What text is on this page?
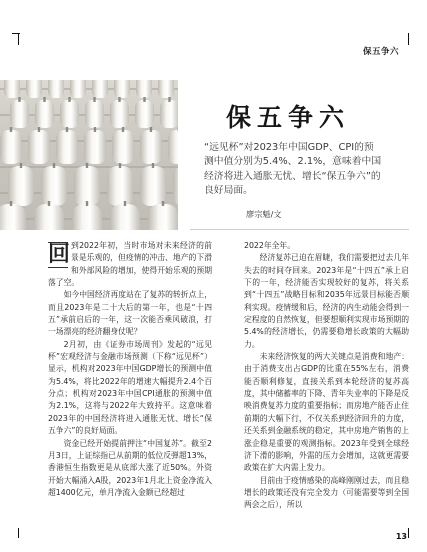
保五争六
保五争六
“远见杯”对2023年中国GDP、CPI的预测中值分别为5.4%、2.1%，意味着中国经济将进入通胀无忧、增长“保五争六”的良好局面。
廖宗魁/文

回 到2022年初，当时市场对未来经济的前景是乐观的，但疫情的冲击、地产的下滑和外部风险的增加，使得开始乐观的预期落了空。

如今中国经济再度站在了复苏的转折点上，而且2023年是二十大后的第一年，也是“十四五”承前启后的一年，这一次能否乘风破浪，打一场漂亮的经济翻身仗呢？

2月初，由《证券市场周刊》发起的“远见杯”宏观经济与金融市场预测（下称“远见杯”）显示，机构对2023年中国GDP增长的预测中值为5.4%，将比2022年的增速大幅提升2.4个百分点；机构对2023年中国CPI通胀的预测中值为2.1%，这将与2022年大致持平。这意味着2023年的中国经济将进入通胀无忧、增长“保五争六”的良好局面。

资金已经开始提前押注“中国复苏”。截至2月3日，上证综指已从前期的低位反弹超13%，香港恒生指数更是从底部大涨了近50%。外资开始大幅涌入A股，2023年1月北上资金净流入超1400亿元，单月净流入金额已经超过

2022年全年。

经济复苏已迫在眉睫，我们需要把过去几年失去的时间夺回来。2023年是“十四五”承上启下的一年，经济能否实现较好的复苏，将关系到“十四五”战略目标和2035年远景目标能否顺利实现。疫情缓和后，经济的内生动能会得到一定程度的自然恢复，但要想顺利实现市场预期的5.4%的经济增长，仍需要稳增长政策的大幅助力。

未来经济恢复的两大关键点是消费和地产：由于消费支出占GDP的比重在55%左右，消费能否顺利修复，直接关系到本轮经济的复苏高度，其中储蓄率的下降、青年失业率的下降是反映消费复苏力度的重要指标；而房地产能否止住前期的大幅下行，不仅关系到经济回升的力度，还关系到金融系统的稳定，其中房地产销售的上涨企稳是重要的观测指标。2023年受到全球经济下滑的影响，外需的压力会增加，这就更需要政策在扩大内需上发力。

目前由于疫情感染的高峰刚刚过去，而且稳增长的政策还没有完全发力（可能需要等到全国两会之后），所以

13
